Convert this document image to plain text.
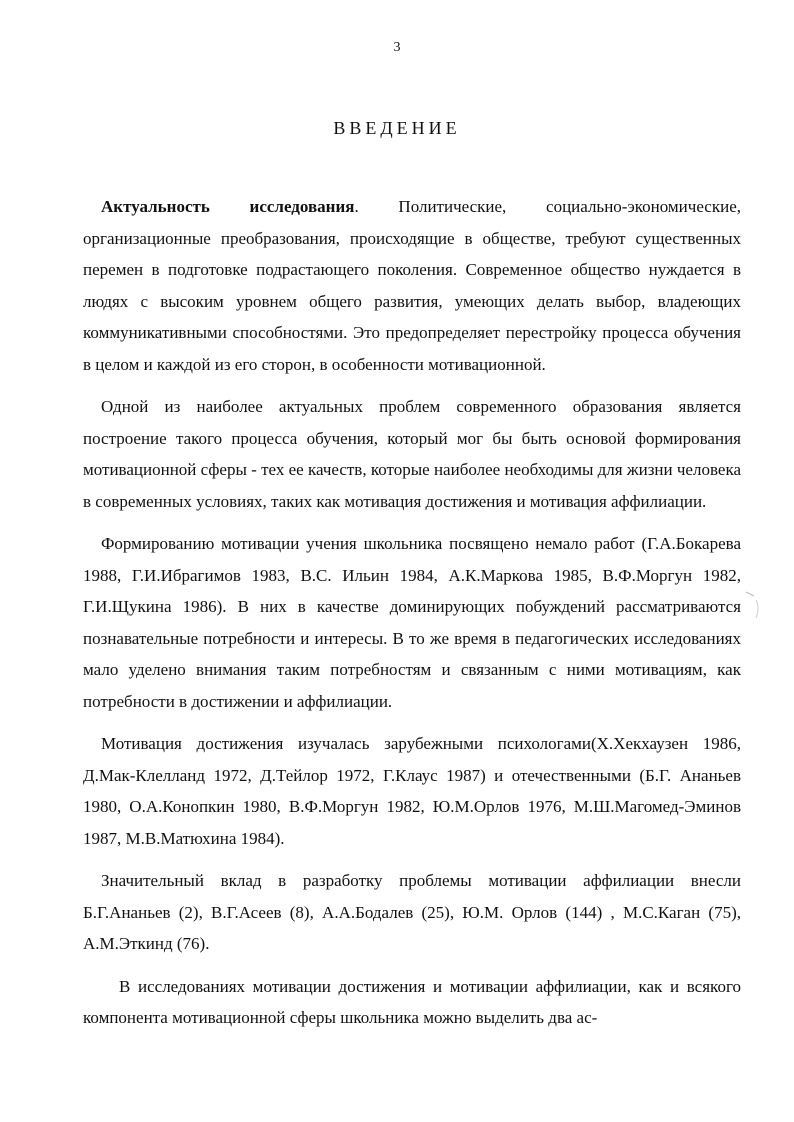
3
ВВЕДЕНИЕ

Актуальность исследования. Политические, социально-экономические, организационные преобразования, происходящие в обществе, требуют существенных перемен в подготовке подрастающего поколения. Современное общество нуждается в людях с высоким уровнем общего развития, умеющих делать выбор, владеющих коммуникативными способностями. Это предопределяет перестройку процесса обучения в целом и каждой из его сторон, в особенности мотивационной.

Одной из наиболее актуальных проблем современного образования является построение такого процесса обучения, который мог бы быть основой формирования мотивационной сферы - тех ее качеств, которые наиболее необходимы для жизни человека в современных условиях, таких как мотивация достижения и мотивация аффилиации.

Формированию мотивации учения школьника посвящено немало работ (Г.А.Бокарева 1988, Г.И.Ибрагимов 1983, B.C. Ильин 1984, А.К.Маркова 1985, В.Ф.Моргун 1982, Г.И.Щукина 1986). В них в качестве доминирующих побуждений рассматриваются познавательные потребности и интересы. В то же время в педагогических исследованиях мало уделено внимания таким потребностям и связанным с ними мотивациям, как потребности в достижении и аффилиации.

Мотивация достижения изучалась зарубежными психологами(Х.Хекхаузен 1986, Д.Мак-Клелланд 1972, Д.Тейлор 1972, Г.Клаус 1987) и отечественными (Б.Г. Ананьев 1980, О.А.Конопкин 1980, В.Ф.Моргун 1982, Ю.М.Орлов 1976, М.Ш.Магомед-Эминов 1987, М.В.Матюхина 1984).

Значительный вклад в разработку проблемы мотивации аффилиации внесли Б.Г.Ананьев (2), В.Г.Асеев (8), А.А.Бодалев (25), Ю.М. Орлов (144) , М.С.Каган (75), А.М.Эткинд (76).

В исследованиях мотивации достижения и мотивации аффилиации, как и всякого компонента мотивационной сферы школьника можно выделить два ас-
